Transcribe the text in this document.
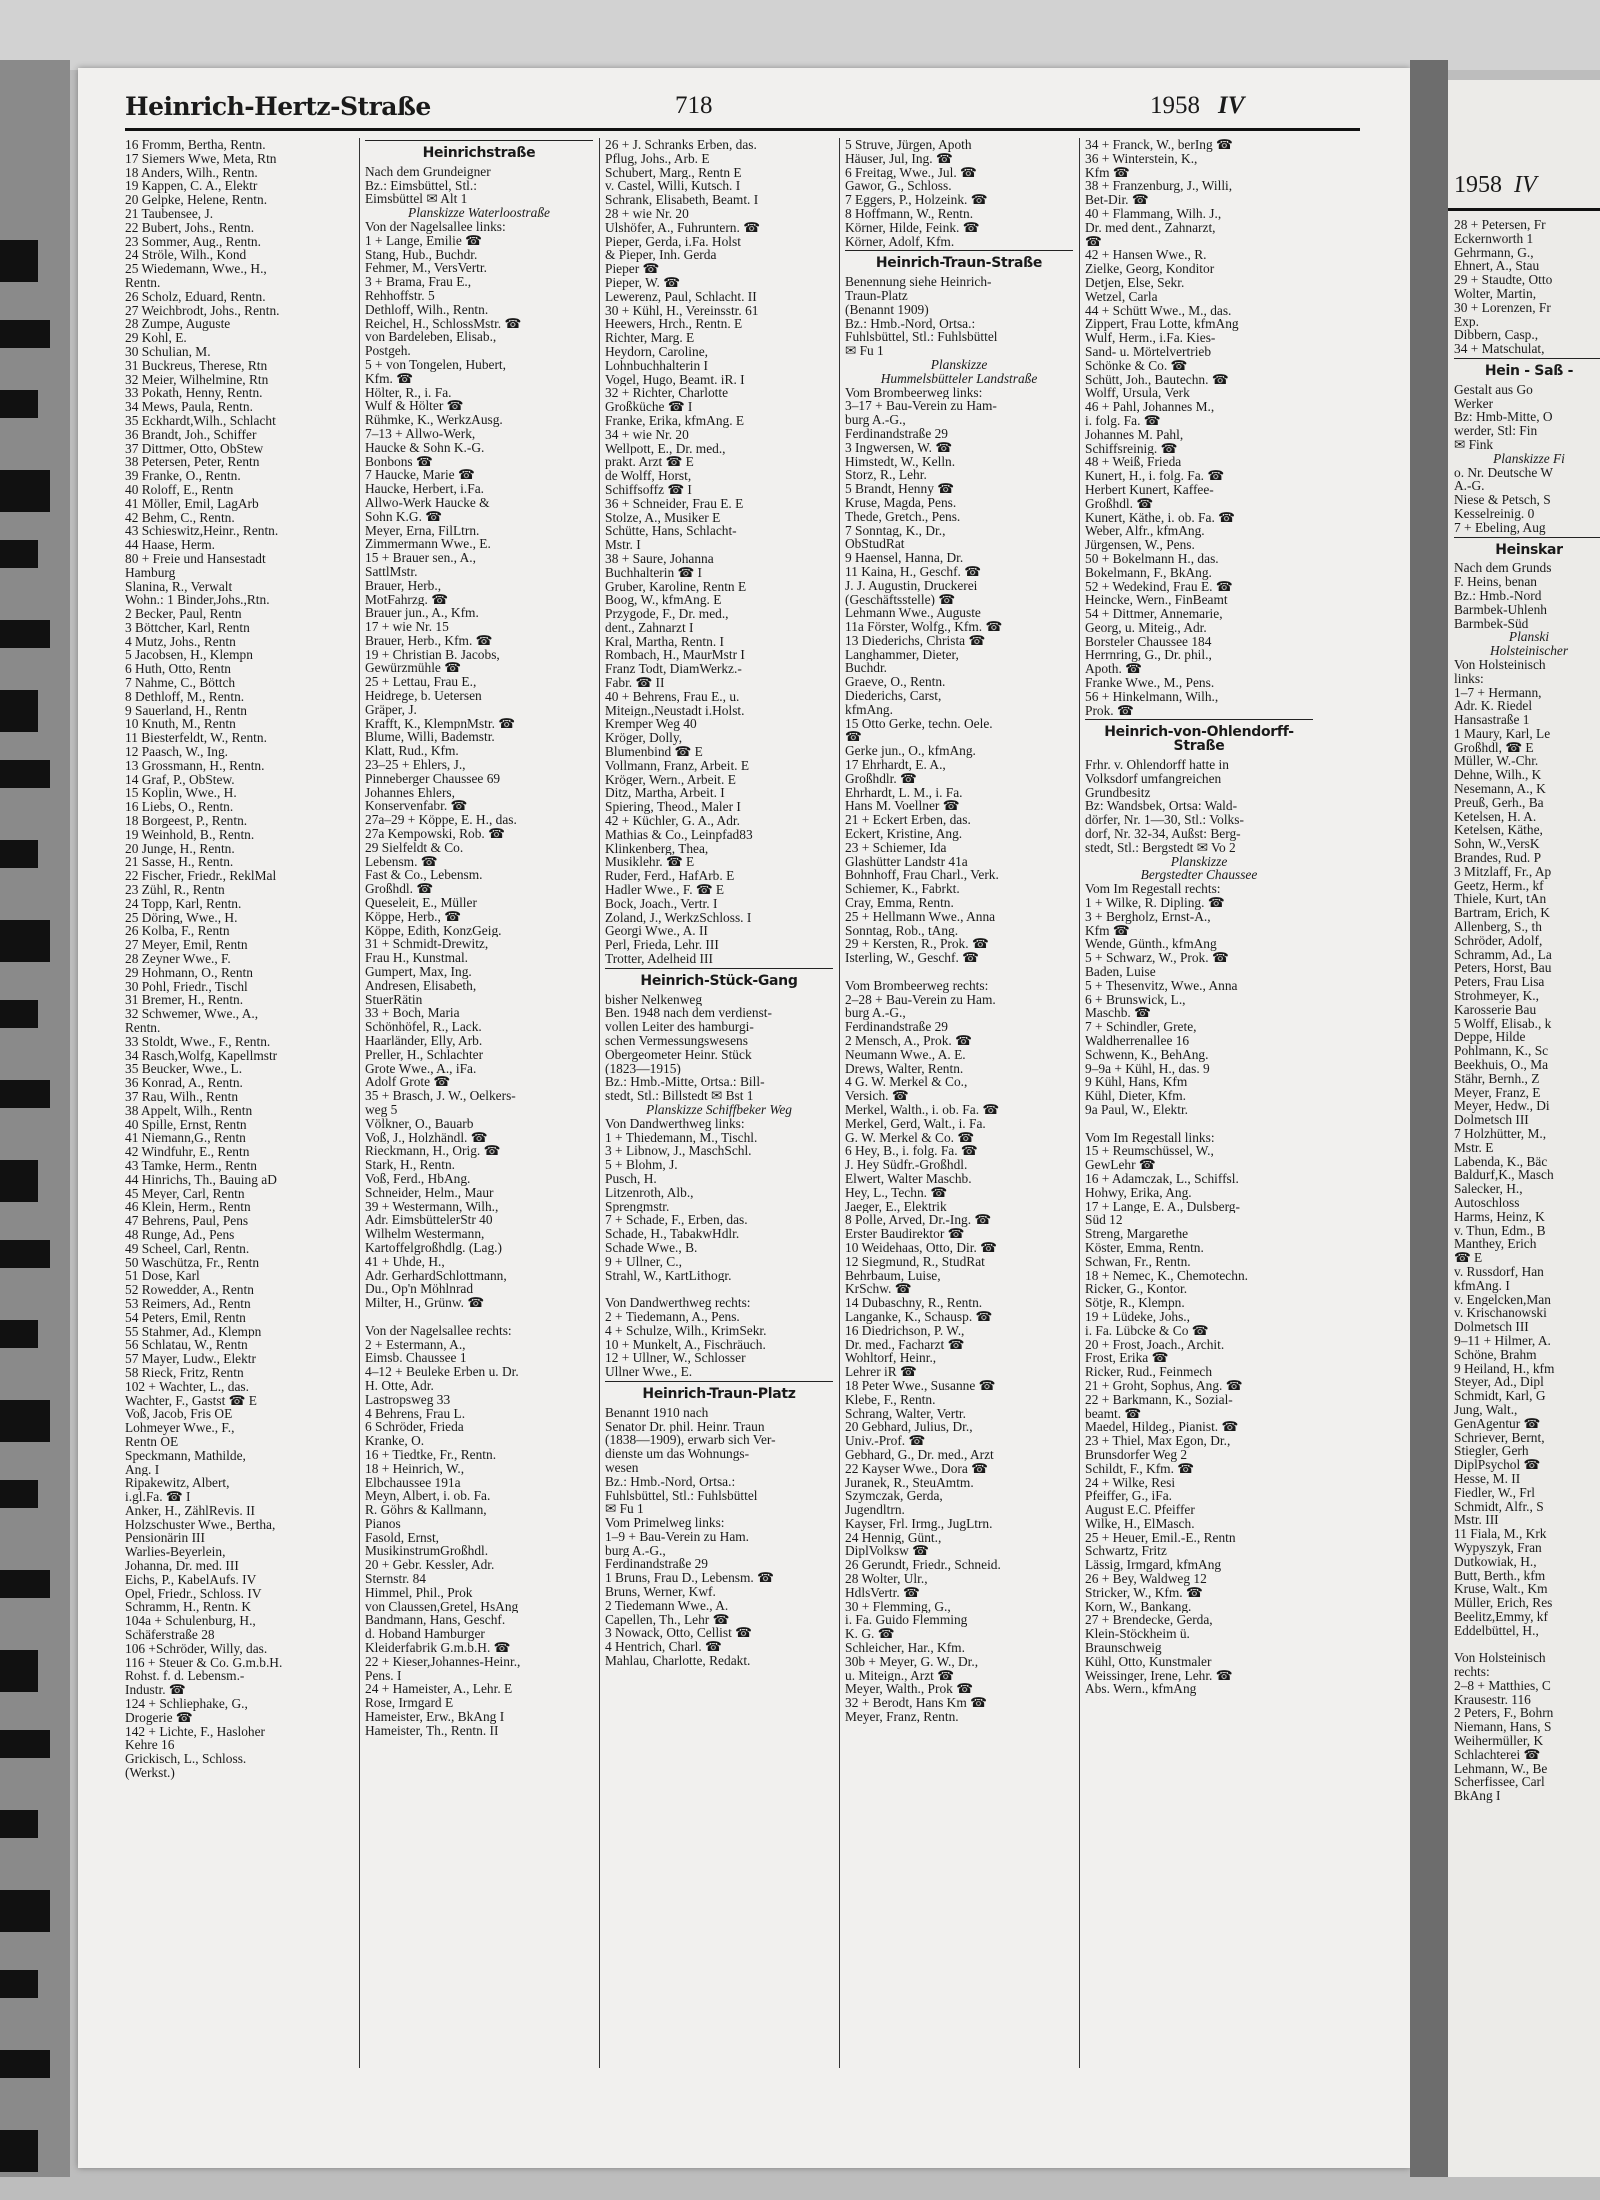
Heinrich-Hertz-Straße	718	1958 IV
16 Fromm, Bertha, Rentn.
17 Siemers Wwe, Meta, Rtn
18 Anders, Wilh., Rentn.
19 Kappen, C. A., Elektr
20 Gelpke, Helene, Rentn.
21 Taubensee, J.
22 Bubert, Johs., Rentn.
23 Sommer, Aug., Rentn.
24 Ströle, Wilh., Kond
25 Wiedemann, Wwe., H.,
Rentn.
26 Scholz, Eduard, Rentn.
27 Weichbrodt, Johs., Rentn.
28 Zumpe, Auguste
29 Kohl, E.
30 Schulian, M.
31 Buckreus, Therese, Rtn
32 Meier, Wilhelmine, Rtn
33 Pokath, Henny, Rentn.
34 Mews, Paula, Rentn.
35 Eckhardt,Wilh., Schlacht
36 Brandt, Joh., Schiffer
37 Dittmer, Otto, ObStew
38 Petersen, Peter, Rentn
39 Franke, O., Rentn.
40 Roloff, E., Rentn
41 Möller, Emil, LagArb
42 Behm, C., Rentn.
43 Schieswitz,Heinr., Rentn.
44 Haase, Herm.
80 + Freie und Hansestadt
Hamburg
Slanina, R., Verwalt
Wohn.: 1 Binder,Johs.,Rtn.
2 Becker, Paul, Rentn
3 Böttcher, Karl, Rentn
4 Mutz, Johs., Rentn
5 Jacobsen, H., Klempn
6 Huth, Otto, Rentn
7 Nahme, C., Böttch
8 Dethloff, M., Rentn.
9 Sauerland, H., Rentn
10 Knuth, M., Rentn
11 Biesterfeldt, W., Rentn.
12 Paasch, W., Ing.
13 Grossmann, H., Rentn.
14 Graf, P., ObStew.
15 Koplin, Wwe., H.
16 Liebs, O., Rentn.
18 Borgeest, P., Rentn.
19 Weinhold, B., Rentn.
20 Junge, H., Rentn.
21 Sasse, H., Rentn.
22 Fischer, Friedr., ReklMal
23 Zühl, R., Rentn
24 Topp, Karl, Rentn.
25 Döring, Wwe., H.
26 Kolba, F., Rentn
27 Meyer, Emil, Rentn
28 Zeyner Wwe., F.
29 Hohmann, O., Rentn
30 Pohl, Friedr., Tischl
31 Bremer, H., Rentn.
32 Schwemer, Wwe., A.,
Rentn.
33 Stoldt, Wwe., F., Rentn.
34 Rasch,Wolfg, Kapellmstr
35 Beucker, Wwe., L.
36 Konrad, A., Rentn.
37 Rau, Wilh., Rentn
38 Appelt, Wilh., Rentn
40 Spille, Ernst, Rentn
41 Niemann,G., Rentn
42 Windfuhr, E., Rentn
43 Tamke, Herm., Rentn
44 Hinrichs, Th., Bauing aD
45 Meyer, Carl, Rentn
46 Klein, Herm., Rentn
47 Behrens, Paul, Pens
48 Runge, Ad., Pens
49 Scheel, Carl, Rentn.
50 Waschütza, Fr., Rentn
51 Dose, Karl
52 Rowedder, A., Rentn
53 Reimers, Ad., Rentn
54 Peters, Emil, Rentn
55 Stahmer, Ad., Klempn
56 Schlatau, W., Rentn
57 Mayer, Ludw., Elektr
58 Rieck, Fritz, Rentn
102 + Wachter, L., das.
Wachter, F., Gastst ☎ E
Voß, Jacob, Fris OE
Lohmeyer Wwe., F.,
Rentn OE
Speckmann, Mathilde,
Ang. I
Ripakewitz, Albert,
i.gl.Fa. ☎ I
Anker, H., ZählRevis. II
Holzschuster Wwe., Bertha,
Pensionärin III
Warlies-Beyerlein,
Johanna, Dr. med. III
Eichs, P., KabelAufs. IV
Opel, Friedr., Schloss. IV
Schramm, H., Rentn. K
104a + Schulenburg, H.,
Schäferstraße 28
106 +Schröder, Willy, das.
116 + Steuer & Co. G.m.b.H.
Rohst. f. d. Lebensm.-
Industr. ☎
124 + Schliephake, G.,
Drogerie ☎
142 + Lichte, F., Hasloher
Kehre 16
Grickisch, L., Schloss.
(Werkst.)
Heinrichstraße
Nach dem Grundeigner
Bz.: Eimsbüttel, Stl.:
Eimsbüttel ✉ Alt 1
Planskizze Waterloostraße
Von der Nagelsallee links:
1 + Lange, Emilie ☎
Stang, Hub., Buchdr.
Fehmer, M., VersVertr.
3 + Brama, Frau E.,
Rehhoffstr. 5
Dethloff, Wilh., Rentn.
Reichel, H., SchlossMstr. ☎
von Bardeleben, Elisab.,
Postgeh.
5 + von Tongelen, Hubert,
Kfm. ☎
Hölter, R., i. Fa.
Wulf & Hölter ☎
Rühmke, K., WerkzAusg.
7–13 + Allwo-Werk,
Haucke & Sohn K.-G.
Bonbons ☎
7 Haucke, Marie ☎
Haucke, Herbert, i.Fa.
Allwo-Werk Haucke &
Sohn K.G. ☎
Meyer, Erna, FilLtrn.
Zimmermann Wwe., E.
15 + Brauer sen., A.,
SattlMstr.
Brauer, Herb.,
MotFahrzg. ☎
Brauer jun., A., Kfm.
17 + wie Nr. 15
Brauer, Herb., Kfm. ☎
19 + Christian B. Jacobs,
Gewürzmühle ☎
25 + Lettau, Frau E.,
Heidrege, b. Uetersen
Gräper, J.
Krafft, K., KlempnMstr. ☎
Blume, Willi, Bademstr.
Klatt, Rud., Kfm.
23–25 + Ehlers, J.,
Pinneberger Chaussee 69
Johannes Ehlers,
Konservenfabr. ☎
27a–29 + Köppe, E. H., das.
27a Kempowski, Rob. ☎
29 Sielfeldt & Co.
Lebensm. ☎
Fast & Co., Lebensm.
Großhdl. ☎
Queseleit, E., Müller
Köppe, Herb., ☎
Köppe, Edith, KonzGeig.
31 + Schmidt-Drewitz,
Frau H., Kunstmal.
Gumpert, Max, Ing.
Andresen, Elisabeth,
StuerRätin
33 + Boch, Maria
Schönhöfel, R., Lack.
Haarländer, Elly, Arb.
Preller, H., Schlachter
Grote Wwe., A., iFa.
Adolf Grote ☎
35 + Brasch, J. W., Oelkers-
weg 5
Völkner, O., Bauarb
Voß, J., Holzhändl. ☎
Rieckmann, H., Orig. ☎
Stark, H., Rentn.
Voß, Ferd., HbAng.
Schneider, Helm., Maur
39 + Westermann, Wilh.,
Adr. EimsbüttelerStr 40
Wilhelm Westermann,
Kartoffelgroßhdlg. (Lag.)
41 + Uhde, H.,
Adr. GerhardSchlottmann,
Du., Op'n Möhlnrad
Milter, H., Grünw. ☎

Von der Nagelsallee rechts:
2 + Estermann, A.,
Eimsb. Chaussee 1
4–12 + Beuleke Erben u. Dr.
H. Otte, Adr.
Lastropsweg 33
4 Behrens, Frau L.
6 Schröder, Frieda
Kranke, O.
16 + Tiedtke, Fr., Rentn.
18 + Heinrich, W.,
Elbchaussee 191a
Meyn, Albert, i. ob. Fa.
R. Göhrs & Kallmann,
Pianos
Fasold, Ernst,
MusikinstrumGroßhdl.
20 + Gebr. Kessler, Adr.
Sternstr. 84
Himmel, Phil., Prok
von Claussen,Gretel, HsAng
Bandmann, Hans, Geschf.
d. Hoband Hamburger
Kleiderfabrik G.m.b.H. ☎
22 + Kieser,Johannes-Heinr.,
Pens. I
24 + Hameister, A., Lehr. E
Rose, Irmgard E
Hameister, Erw., BkAng I
Hameister, Th., Rentn. II
26 + J. Schranks Erben, das.
Pflug, Johs., Arb. E
Schubert, Marg., Rentn E
v. Castel, Willi, Kutsch. I
Schrank, Elisabeth, Beamt. I
28 + wie Nr. 20
Ulshöfer, A., Fuhruntern. ☎
Pieper, Gerda, i.Fa. Holst
& Pieper, Inh. Gerda
Pieper ☎
Pieper, W. ☎
Lewerenz, Paul, Schlacht. II
30 + Kühl, H., Vereinsstr. 61
Heewers, Hrch., Rentn. E
Richter, Marg. E
Heydorn, Caroline,
Lohnbuchhalterin I
Vogel, Hugo, Beamt. iR. I
32 + Richter, Charlotte
Großküche ☎ I
Franke, Erika, kfmAng. E
34 + wie Nr. 20
Wellpott, E., Dr. med.,
prakt. Arzt ☎ E
de Wolff, Horst,
Schiffsoffz ☎ I
36 + Schneider, Frau E. E
Stolze, A., Musiker E
Schütte, Hans, Schlacht-
Mstr. I
38 + Saure, Johanna
Buchhalterin ☎ I
Gruber, Karoline, Rentn E
Boog, W., kfmAng. E
Przygode, F., Dr. med.,
dent., Zahnarzt I
Kral, Martha, Rentn. I
Rombach, H., MaurMstr I
Franz Todt, DiamWerkz.-
Fabr. ☎ II
40 + Behrens, Frau E., u.
Miteign.,Neustadt i.Holst.
Kremper Weg 40
Kröger, Dolly,
Blumenbind ☎ E
Vollmann, Franz, Arbeit. E
Kröger, Wern., Arbeit. E
Ditz, Martha, Arbeit. I
Spiering, Theod., Maler I
42 + Küchler, G. A., Adr.
Mathias & Co., Leinpfad83
Klinkenberg, Thea,
Musiklehr. ☎ E
Ruder, Ferd., HafArb. E
Hadler Wwe., F. ☎ E
Bock, Joach., Vertr. I
Zoland, J., WerkzSchloss. I
Georgi Wwe., A. II
Perl, Frieda, Lehr. III
Trotter, Adelheid III
Heinrich-Stück-Gang
bisher Nelkenweg
Ben. 1948 nach dem verdienst-
vollen Leiter des hamburgi-
schen Vermessungswesens
Obergeometer Heinr. Stück
(1823—1915)
Bz.: Hmb.-Mitte, Ortsa.: Bill-
stedt, Stl.: Billstedt ✉ Bst 1
Planskizze Schiffbeker Weg
Von Dandwerthweg links:
1 + Thiedemann, M., Tischl.
3 + Libnow, J., MaschSchl.
5 + Blohm, J.
Pusch, H.
Litzenroth, Alb.,
Sprengmstr.
7 + Schade, F., Erben, das.
Schade, H., TabakwHdlr.
Schade Wwe., B.
9 + Ullner, C.,
Strahl, W., KartLithogr.

Von Dandwerthweg rechts:
2 + Tiedemann, A., Pens.
4 + Schulze, Wilh., KrimSekr.
10 + Munkelt, A., Fischräuch.
12 + Ullner, W., Schlosser
Ullner Wwe., E.
Heinrich-Traun-Platz
Benannt 1910 nach
Senator Dr. phil. Heinr. Traun
(1838—1909), erwarb sich Ver-
dienste um das Wohnungs-
wesen
Bz.: Hmb.-Nord, Ortsa.:
Fuhlsbüttel, Stl.: Fuhlsbüttel
✉ Fu 1
Vom Primelweg links:
1–9 + Bau-Verein zu Ham.
burg A.-G.,
Ferdinandstraße 29
1 Bruns, Frau D., Lebensm. ☎
Bruns, Werner, Kwf.
2 Tiedemann Wwe., A.
Capellen, Th., Lehr ☎
3 Nowack, Otto, Cellist ☎
4 Hentrich, Charl. ☎
Mahlau, Charlotte, Redakt.
5 Struve, Jürgen, Apoth
Häuser, Jul, Ing. ☎
6 Freitag, Wwe., Jul. ☎
Gawor, G., Schloss.
7 Eggers, P., Holzeink. ☎
8 Hoffmann, W., Rentn.
Körner, Hilde, Feink. ☎
Körner, Adolf, Kfm.
Heinrich-Traun-Straße
Benennung siehe Heinrich-
Traun-Platz
(Benannt 1909)
Bz.: Hmb.-Nord, Ortsa.:
Fuhlsbüttel, Stl.: Fuhlsbüttel
✉ Fu 1
Planskizze
Hummelsbütteler Landstraße
Vom Brombeerweg links:
3–17 + Bau-Verein zu Ham-
burg A.-G.,
Ferdinandstraße 29
3 Ingwersen, W. ☎
Himstedt, W., Kelln.
Storz, R., Lehr.
5 Brandt, Henny ☎
Kruse, Magda, Pens.
Thede, Gretch., Pens.
7 Sonntag, K., Dr.,
ObStudRat
9 Haensel, Hanna, Dr.
11 Kaina, H., Geschf. ☎
J. J. Augustin, Druckerei
(Geschäftsstelle) ☎
Lehmann Wwe., Auguste
11a Förster, Wolfg., Kfm. ☎
13 Diederichs, Christa ☎
Langhammer, Dieter,
Buchdr.
Graeve, O., Rentn.
Diederichs, Carst,
kfmAng.
15 Otto Gerke, techn. Oele.
☎
Gerke jun., O., kfmAng.
17 Ehrhardt, E. A.,
Großhdlr. ☎
Ehrhardt, L. M., i. Fa.
Hans M. Voellner ☎
21 + Eckert Erben, das.
Eckert, Kristine, Ang.
23 + Schiemer, Ida
Glashütter Landstr 41a
Bohnhoff, Frau Charl., Verk.
Schiemer, K., Fabrkt.
Cray, Emma, Rentn.
25 + Hellmann Wwe., Anna
Sonntag, Rob., tAng.
29 + Kersten, R., Prok. ☎
Isterling, W., Geschf. ☎

Vom Brombeerweg rechts:
2–28 + Bau-Verein zu Ham.
burg A.-G.,
Ferdinandstraße 29
2 Mensch, A., Prok. ☎
Neumann Wwe., A. E.
Drews, Walter, Rentn.
4 G. W. Merkel & Co.,
Versich. ☎
Merkel, Walth., i. ob. Fa. ☎
Merkel, Gerd, Walt., i. Fa.
G. W. Merkel & Co. ☎
6 Hey, B., i. folg. Fa. ☎
J. Hey Südfr.-Großhdl.
Elwert, Walter Maschb.
Hey, L., Techn. ☎
Jaeger, E., Elektrik
8 Polle, Arved, Dr.-Ing. ☎
Erster Baudirektor ☎
10 Weidehaas, Otto, Dir. ☎
12 Siegmund, R., StudRat
Behrbaum, Luise,
KrSchw. ☎
14 Dubaschny, R., Rentn.
Langanke, K., Schausp. ☎
16 Diedrichson, P. W.,
Dr. med., Facharzt ☎
Wohltorf, Heinr.,
Lehrer iR ☎
18 Peter Wwe., Susanne ☎
Klebe, F., Rentn.
Schrang, Walter, Vertr.
20 Gebhard, Julius, Dr.,
Univ.-Prof. ☎
Gebhard, G., Dr. med., Arzt
22 Kayser Wwe., Dora ☎
Juranek, R., SteuAmtm.
Szymczak, Gerda,
Jugendltrn.
Kayser, Frl. Irmg., JugLtrn.
24 Hennig, Günt.,
DiplVolksw ☎
26 Gerundt, Friedr., Schneid.
28 Wolter, Ulr.,
HdlsVertr. ☎
30 + Flemming, G.,
i. Fa. Guido Flemming
K. G. ☎
Schleicher, Har., Kfm.
30b + Meyer, G. W., Dr.,
u. Miteign., Arzt ☎
Meyer, Walth., Prok ☎
32 + Berodt, Hans Km ☎
Meyer, Franz, Rentn.
34 + Franck, W., berIng ☎
36 + Winterstein, K.,
Kfm ☎
38 + Franzenburg, J., Willi,
Bet-Dir. ☎
40 + Flammang, Wilh. J.,
Dr. med dent., Zahnarzt,
☎
42 + Hansen Wwe., R.
Zielke, Georg, Konditor
Detjen, Else, Sekr.
Wetzel, Carla
44 + Schütt Wwe., M., das.
Zippert, Frau Lotte, kfmAng
Wulf, Herm., i.Fa. Kies-
Sand- u. Mörtelvertrieb
Schönke & Co. ☎
Schütt, Joh., Bautechn. ☎
Wolff, Ursula, Verk
46 + Pahl, Johannes M.,
i. folg. Fa. ☎
Johannes M. Pahl,
Schiffsreinig. ☎
48 + Weiß, Frieda
Kunert, H., i. folg. Fa. ☎
Herbert Kunert, Kaffee-
Großhdl. ☎
Kunert, Käthe, i. ob. Fa. ☎
Weber, Alfr., kfmAng.
Jürgensen, W., Pens.
50 + Bokelmann H., das.
Bokelmann, F., BkAng.
52 + Wedekind, Frau E. ☎
Heincke, Wern., FinBeamt
54 + Dittmer, Annemarie,
Georg, u. Miteig., Adr.
Borsteler Chaussee 184
Herrnring, G., Dr. phil.,
Apoth. ☎
Franke Wwe., M., Pens.
56 + Hinkelmann, Wilh.,
Prok. ☎
Heinrich-von-Ohlendorff-Straße
Frhr. v. Ohlendorff hatte in
Volksdorf umfangreichen
Grundbesitz
Bz: Wandsbek, Ortsa: Wald-
dörfer, Nr. 1—30, Stl.: Volks-
dorf, Nr. 32-34, Außst: Berg-
stedt, Stl.: Bergstedt ✉ Vo 2
Planskizze
Bergstedter Chaussee
Vom Im Regestall rechts:
1 + Wilke, R. Dipling. ☎
3 + Bergholz, Ernst-A.,
Kfm ☎
Wende, Günth., kfmAng
5 + Schwarz, W., Prok. ☎
Baden, Luise
5 + Thesenvitz, Wwe., Anna
6 + Brunswick, L.,
Maschb. ☎
7 + Schindler, Grete,
Waldherrenallee 16
Schwenn, K., BehAng.
9–9a + Kühl, H., das. 9
9 Kühl, Hans, Kfm
Kühl, Dieter, Kfm.
9a Paul, W., Elektr.

Vom Im Regestall links:
15 + Reumschüssel, W.,
GewLehr ☎
16 + Adamczak, L., Schiffsl.
Hohwy, Erika, Ang.
17 + Lange, E. A., Dulsberg-
Süd 12
Streng, Margarethe
Köster, Emma, Rentn.
Schwan, Fr., Rentn.
18 + Nemec, K., Chemotechn.
Ricker, G., Kontor.
Sötje, R., Klempn.
19 + Lüdeke, Johs.,
i. Fa. Lübcke & Co ☎
20 + Frost, Joach., Archit.
Frost, Erika ☎
Ricker, Rud., Feinmech
21 + Groht, Sophus, Ang. ☎
22 + Barkmann, K., Sozial-
beamt. ☎
Maedel, Hildeg., Pianist. ☎
23 + Thiel, Max Egon, Dr.,
Brunsdorfer Weg 2
Schildt, F., Kfm. ☎
24 + Wilke, Resi
Pfeiffer, G., iFa.
August E.C. Pfeiffer
Wilke, H., ElMasch.
25 + Heuer, Emil.-E., Rentn
Schwartz, Fritz
Lässig, Irmgard, kfmAng
26 + Bey, Waldweg 12
Stricker, W., Kfm. ☎
Korn, W., Bankang.
27 + Brendecke, Gerda,
Klein-Stöckheim ü.
Braunschweig
Kühl, Otto, Kunstmaler
Weissinger, Irene, Lehr. ☎
Abs. Wern., kfmAng
1958 IV
28 + Petersen, Fr
Eckernworth 1
Gehrmann, G.,
Ehnert, A., Stau
29 + Staudte, Otto
Wolter, Martin,
30 + Lorenzen, Fr
Exp.
Dibbern, Casp.,
34 + Matschulat,
Hein - Saß -
Gestalt aus Go
Werker
Bz: Hmb-Mitte, O
werder, Stl: Fin
✉ Fink
Planskizze Fi
o. Nr. Deutsche W
A.-G.
Niese & Petsch, S
Kesselreinig. 0
7 + Ebeling, Aug
Heinskar
Nach dem Grunds
F. Heins, benan
Bz.: Hmb.-Nord
Barmbek-Uhlenh
Barmbek-Süd
Planski
Holsteinischer
Von Holsteinisch
links:
1–7 + Hermann,
Adr. K. Riedel
Hansastraße 1
1 Maury, Karl, Le
Großhdl, ☎ E
Müller, W.-Chr.
Dehne, Wilh., K
Nesemann, A., K
Preuß, Gerh., Ba
Ketelsen, H. A.
Ketelsen, Käthe,
Sohn, W.,VersK
Brandes, Rud. P
3 Mitzlaff, Fr., Ap
Geetz, Herm., kf
Thiele, Kurt, tAn
Bartram, Erich, K
Allenberg, S., th
Schröder, Adolf,
Schramm, Ad., La
Peters, Horst, Bau
Peters, Frau Lisa
Strohmeyer, K.,
Karosserie Bau
5 Wolff, Elisab., k
Deppe, Hilde
Pohlmann, K., Sc
Beekhuis, O., Ma
Stähr, Bernh., Z
Meyer, Franz, E
Meyer, Hedw., Di
Dolmetsch III
7 Holzhütter, M.,
Mstr. E
Labenda, K., Bäc
Baldurf,K., Masch
Salecker, H.,
Autoschloss
Harms, Heinz, K
v. Thun, Edm., B
Manthey, Erich
☎ E
v. Russdorf, Han
kfmAng. I
v. Engelcken,Man
v. Krischanowski
Dolmetsch III
9–11 + Hilmer, A.
Schöne, Brahm
9 Heiland, H., kfm
Steyer, Ad., Dipl
Schmidt, Karl, G
Jung, Walt.,
GenAgentur ☎
Schriever, Bernt,
Stiegler, Gerh
DiplPsychol ☎
Hesse, M. II
Fiedler, W., Frl
Schmidt, Alfr., S
Mstr. III
11 Fiala, M., Krk
Wypyszyk, Fran
Dutkowiak, H.,
Butt, Berth., kfm
Kruse, Walt., Km
Müller, Erich, Res
Beelitz,Emmy, kf
Eddelbüttel, H.,

Von Holsteinisch
rechts:
2–8 + Matthies, C
Krausestr. 116
2 Peters, F., Bohrn
Niemann, Hans, S
Weihermüller, K
Schlachterei ☎
Lehmann, W., Be
Scherfissee, Carl
BkAng I
